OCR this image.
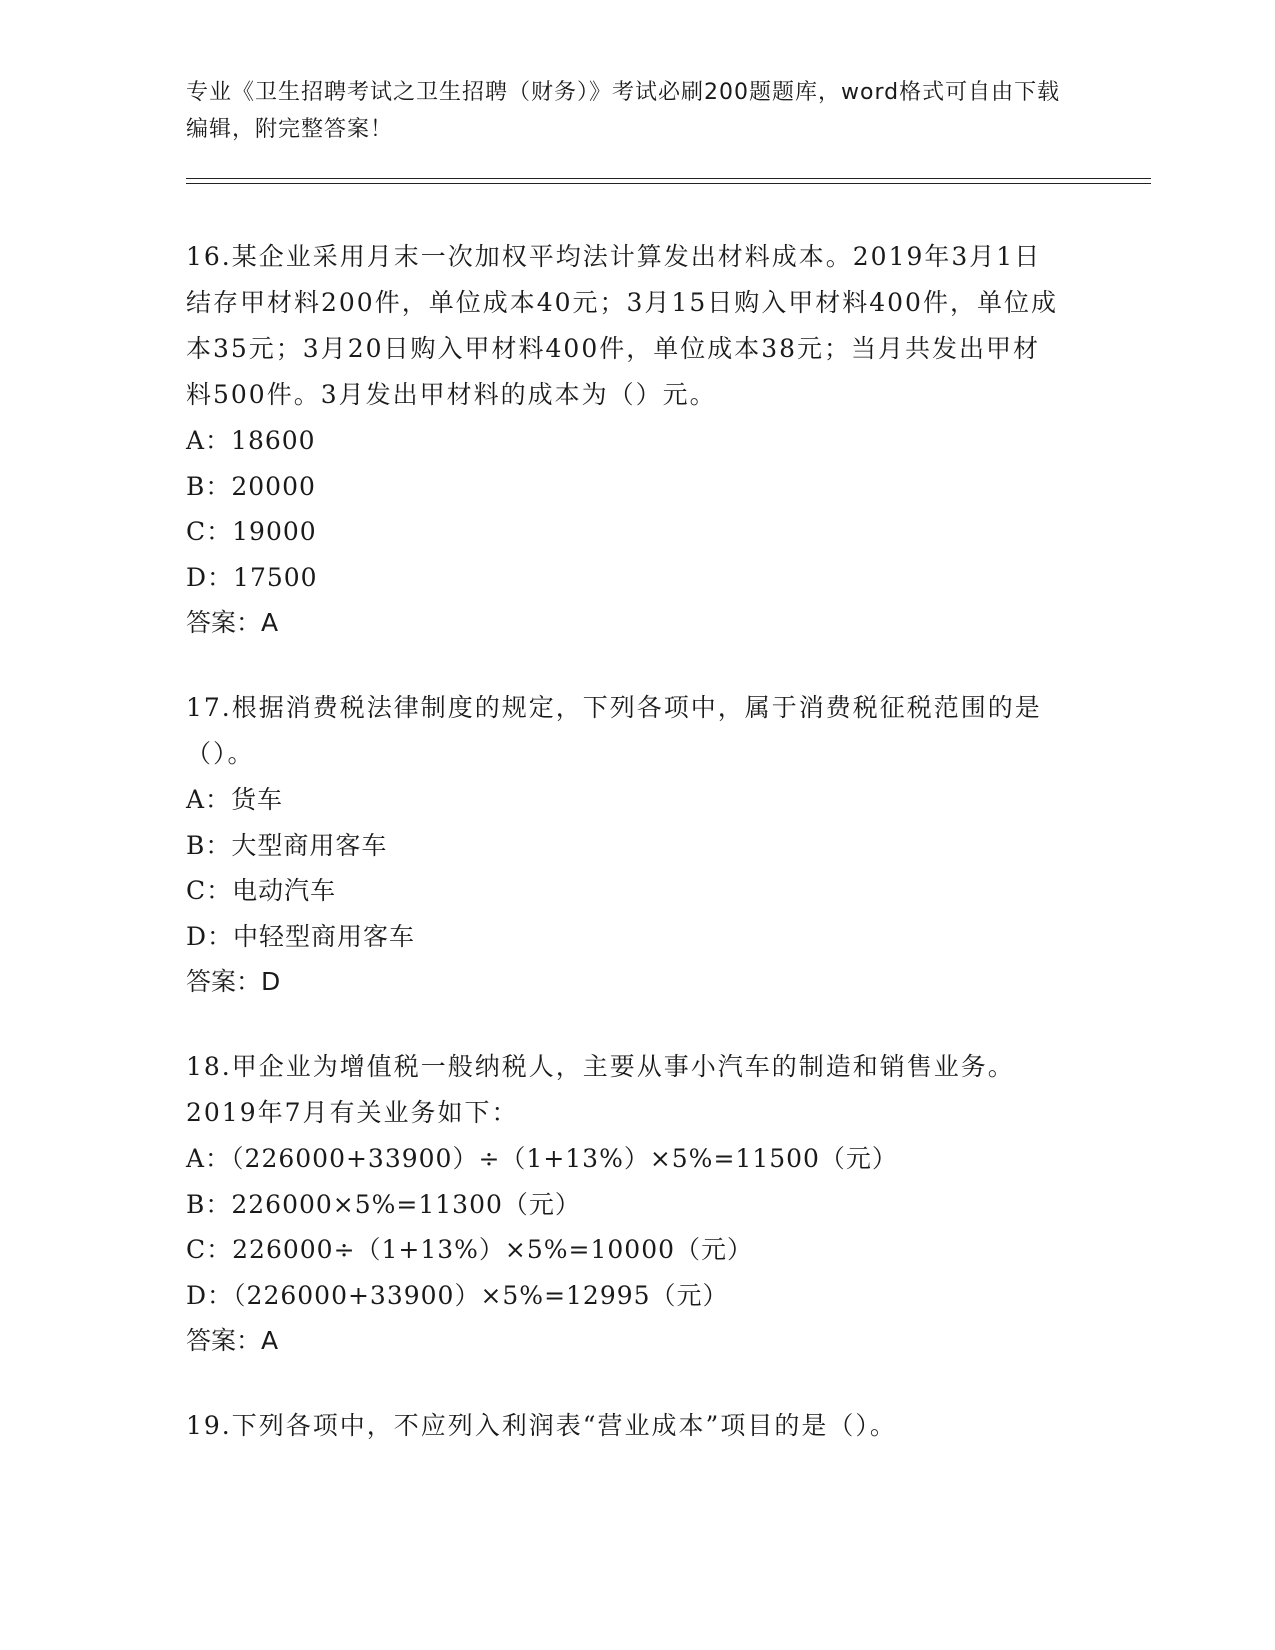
专业《卫生招聘考试之卫生招聘（财务）》考试必刷200题题库，word格式可自由下载编辑，附完整答案！

16.某企业采用月末一次加权平均法计算发出材料成本。2019年3月1日结存甲材料200件，单位成本40元；3月15日购入甲材料400件，单位成本35元；3月20日购入甲材料400件，单位成本38元；当月共发出甲材料500件。3月发出甲材料的成本为（）元。

A：18600

B：20000

C：19000

D：17500

答案：A

17.根据消费税法律制度的规定，下列各项中，属于消费税征税范围的是（）。

A：货车

B：大型商用客车

C：电动汽车

D：中轻型商用客车

答案：D

18.甲企业为增值税一般纳税人，主要从事小汽车的制造和销售业务。2019年7月有关业务如下：

A：（226000+33900）÷（1+13%）×5%=11500（元）

B：226000×5%=11300（元）

C：226000÷（1+13%）×5%=10000（元）

D：（226000+33900）×5%=12995（元）

答案：A

19.下列各项中，不应列入利润表“营业成本”项目的是（）。
